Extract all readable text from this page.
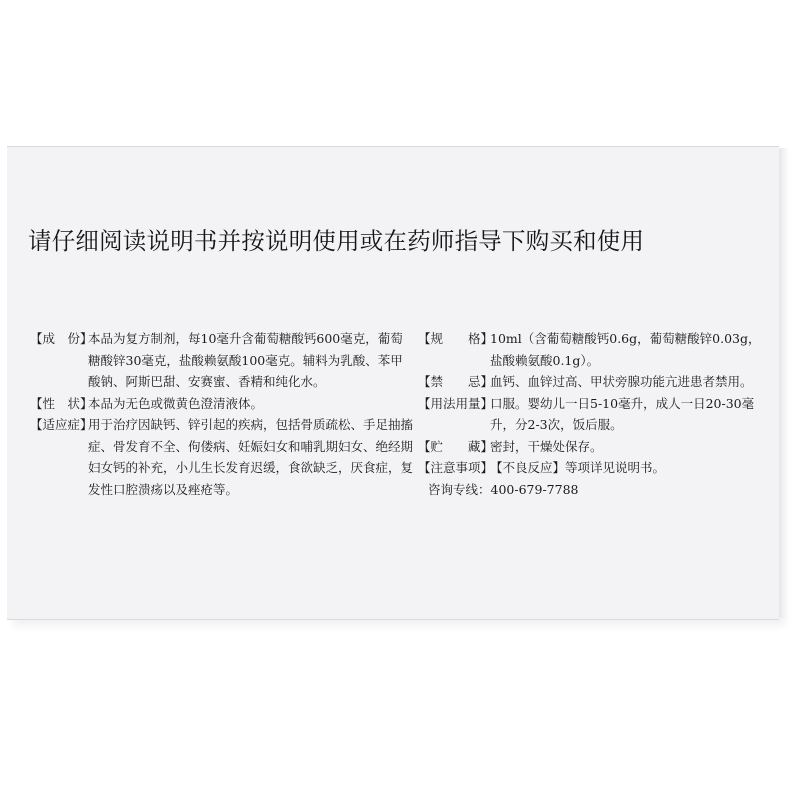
请仔细阅读说明书并按说明使用或在药师指导下购买和使用
【成　份】
本品为复方制剂，每10毫升含葡萄糖酸钙600毫克，葡萄糖酸锌30毫克，盐酸赖氨酸100毫克。辅料为乳酸、苯甲酸钠、阿斯巴甜、安赛蜜、香精和纯化水。
【性　状】
本品为无色或微黄色澄清液体。
【适应症】
用于治疗因缺钙、锌引起的疾病，包括骨质疏松、手足抽搐症、骨发育不全、佝偻病、妊娠妇女和哺乳期妇女、绝经期妇女钙的补充，小儿生长发育迟缓，食欲缺乏，厌食症，复发性口腔溃疡以及痤疮等。
【规　　格】
10ml（含葡萄糖酸钙0.6g，葡萄糖酸锌0.03g，盐酸赖氨酸0.1g）。
【禁　　忌】
血钙、血锌过高、甲状旁腺功能亢进患者禁用。
【用法用量】
口服。婴幼儿一日5-10毫升，成人一日20-30毫升，分2-3次，饭后服。
【贮　　藏】
密封，干燥处保存。
【注意事项】
【不良反应】等项详见说明书。
咨询专线：400-679-7788
